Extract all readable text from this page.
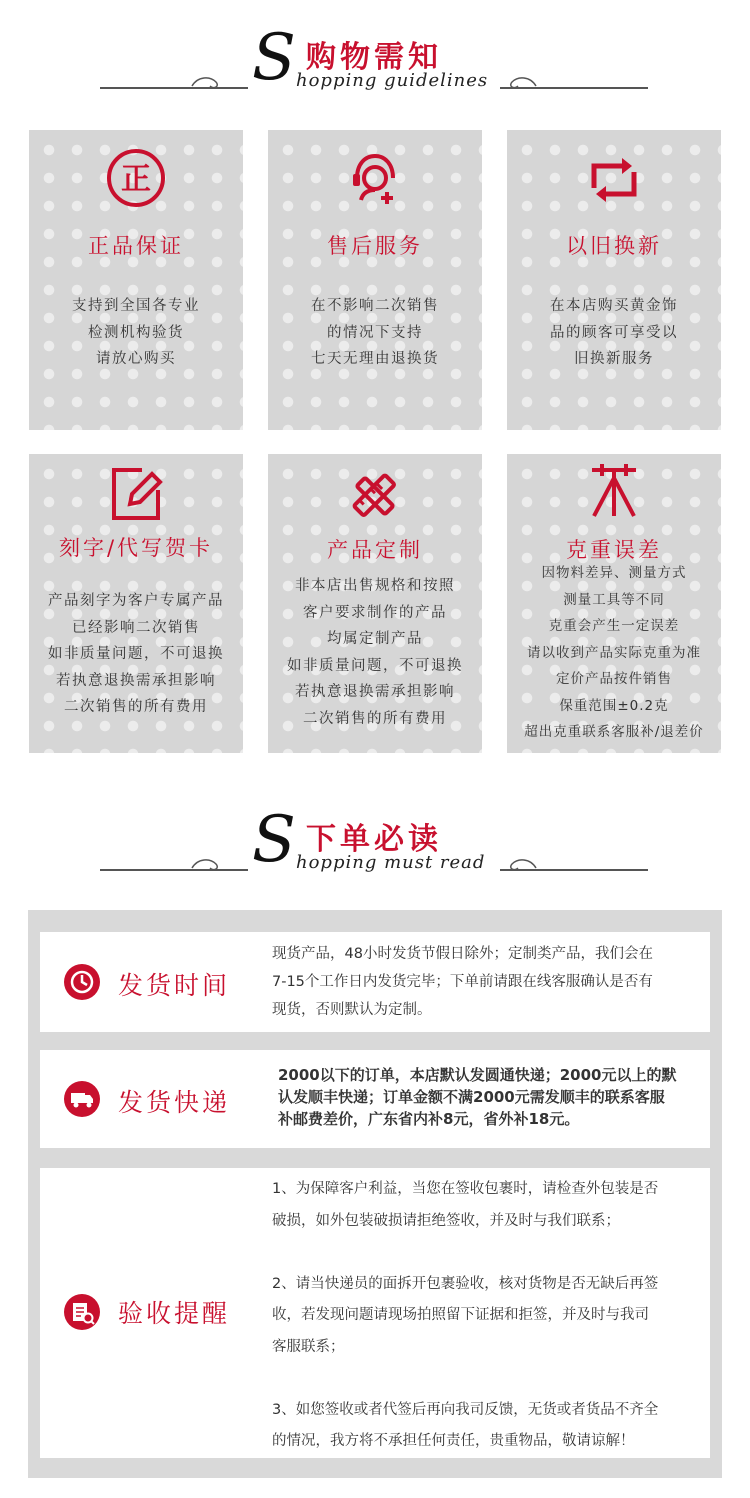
S 购物需知
hopping guidelines
正
正品保证
支持到全国各专业
检测机构验货
请放心购买
售后服务
在不影响二次销售
的情况下支持
七天无理由退换货
以旧换新
在本店购买黄金饰
品的顾客可享受以
旧换新服务
刻字/代写贺卡
产品刻字为客户专属产品
已经影响二次销售
如非质量问题，不可退换
若执意退换需承担影响
二次销售的所有费用
产品定制
非本店出售规格和按照
客户要求制作的产品
均属定制产品
如非质量问题，不可退换
若执意退换需承担影响
二次销售的所有费用
克重误差
因物料差异、测量方式
测量工具等不同
克重会产生一定误差
请以收到产品实际克重为准
定价产品按件销售
保重范围±0.2克
超出克重联系客服补/退差价
S 下单必读
hopping must read
发货时间
现货产品，48小时发货节假日除外；定制类产品，我们会在
7-15个工作日内发货完毕；下单前请跟在线客服确认是否有
现货，否则默认为定制。
发货快递
2000以下的订单，本店默认发圆通快递；2000元以上的默
认发顺丰快递；订单金额不满2000元需发顺丰的联系客服
补邮费差价，广东省内补8元，省外补18元。
验收提醒
1、为保障客户利益，当您在签收包裹时，请检查外包装是否
破损，如外包装破损请拒绝签收，并及时与我们联系；
2、请当快递员的面拆开包裹验收，核对货物是否无缺后再签
收，若发现问题请现场拍照留下证据和拒签，并及时与我司
客服联系；
3、如您签收或者代签后再向我司反馈，无货或者货品不齐全
的情况，我方将不承担任何责任，贵重物品，敬请谅解！
